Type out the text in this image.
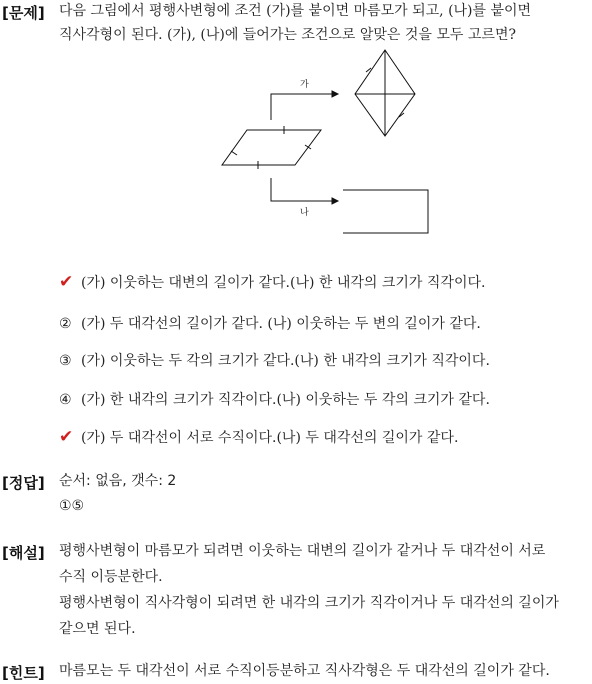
[문제] 다음 그림에서 평행사변형에 조건 (가)를 붙이면 마름모가 되고, (나)를 붙이면
직사각형이 된다. (가), (나)에 들어가는 조건으로 알맞은 것을 모두 고르면?
가
나
✔ (가) 이웃하는 대변의 길이가 같다.(나) 한 내각의 크기가 직각이다.
② (가) 두 대각선의 길이가 같다. (나) 이웃하는 두 변의 길이가 같다.
③ (가) 이웃하는 두 각의 크기가 같다.(나) 한 내각의 크기가 직각이다.
④ (가) 한 내각의 크기가 직각이다.(나) 이웃하는 두 각의 크기가 같다.
✔ (가) 두 대각선이 서로 수직이다.(나) 두 대각선의 길이가 같다.
[정답] 순서: 없음, 갯수: 2
①⑤
[해설] 평행사변형이 마름모가 되려면 이웃하는 대변의 길이가 같거나 두 대각선이 서로
수직 이등분한다.
평행사변형이 직사각형이 되려면 한 내각의 크기가 직각이거나 두 대각선의 길이가
같으면 된다.
[힌트] 마름모는 두 대각선이 서로 수직이등분하고 직사각형은 두 대각선의 길이가 같다.
